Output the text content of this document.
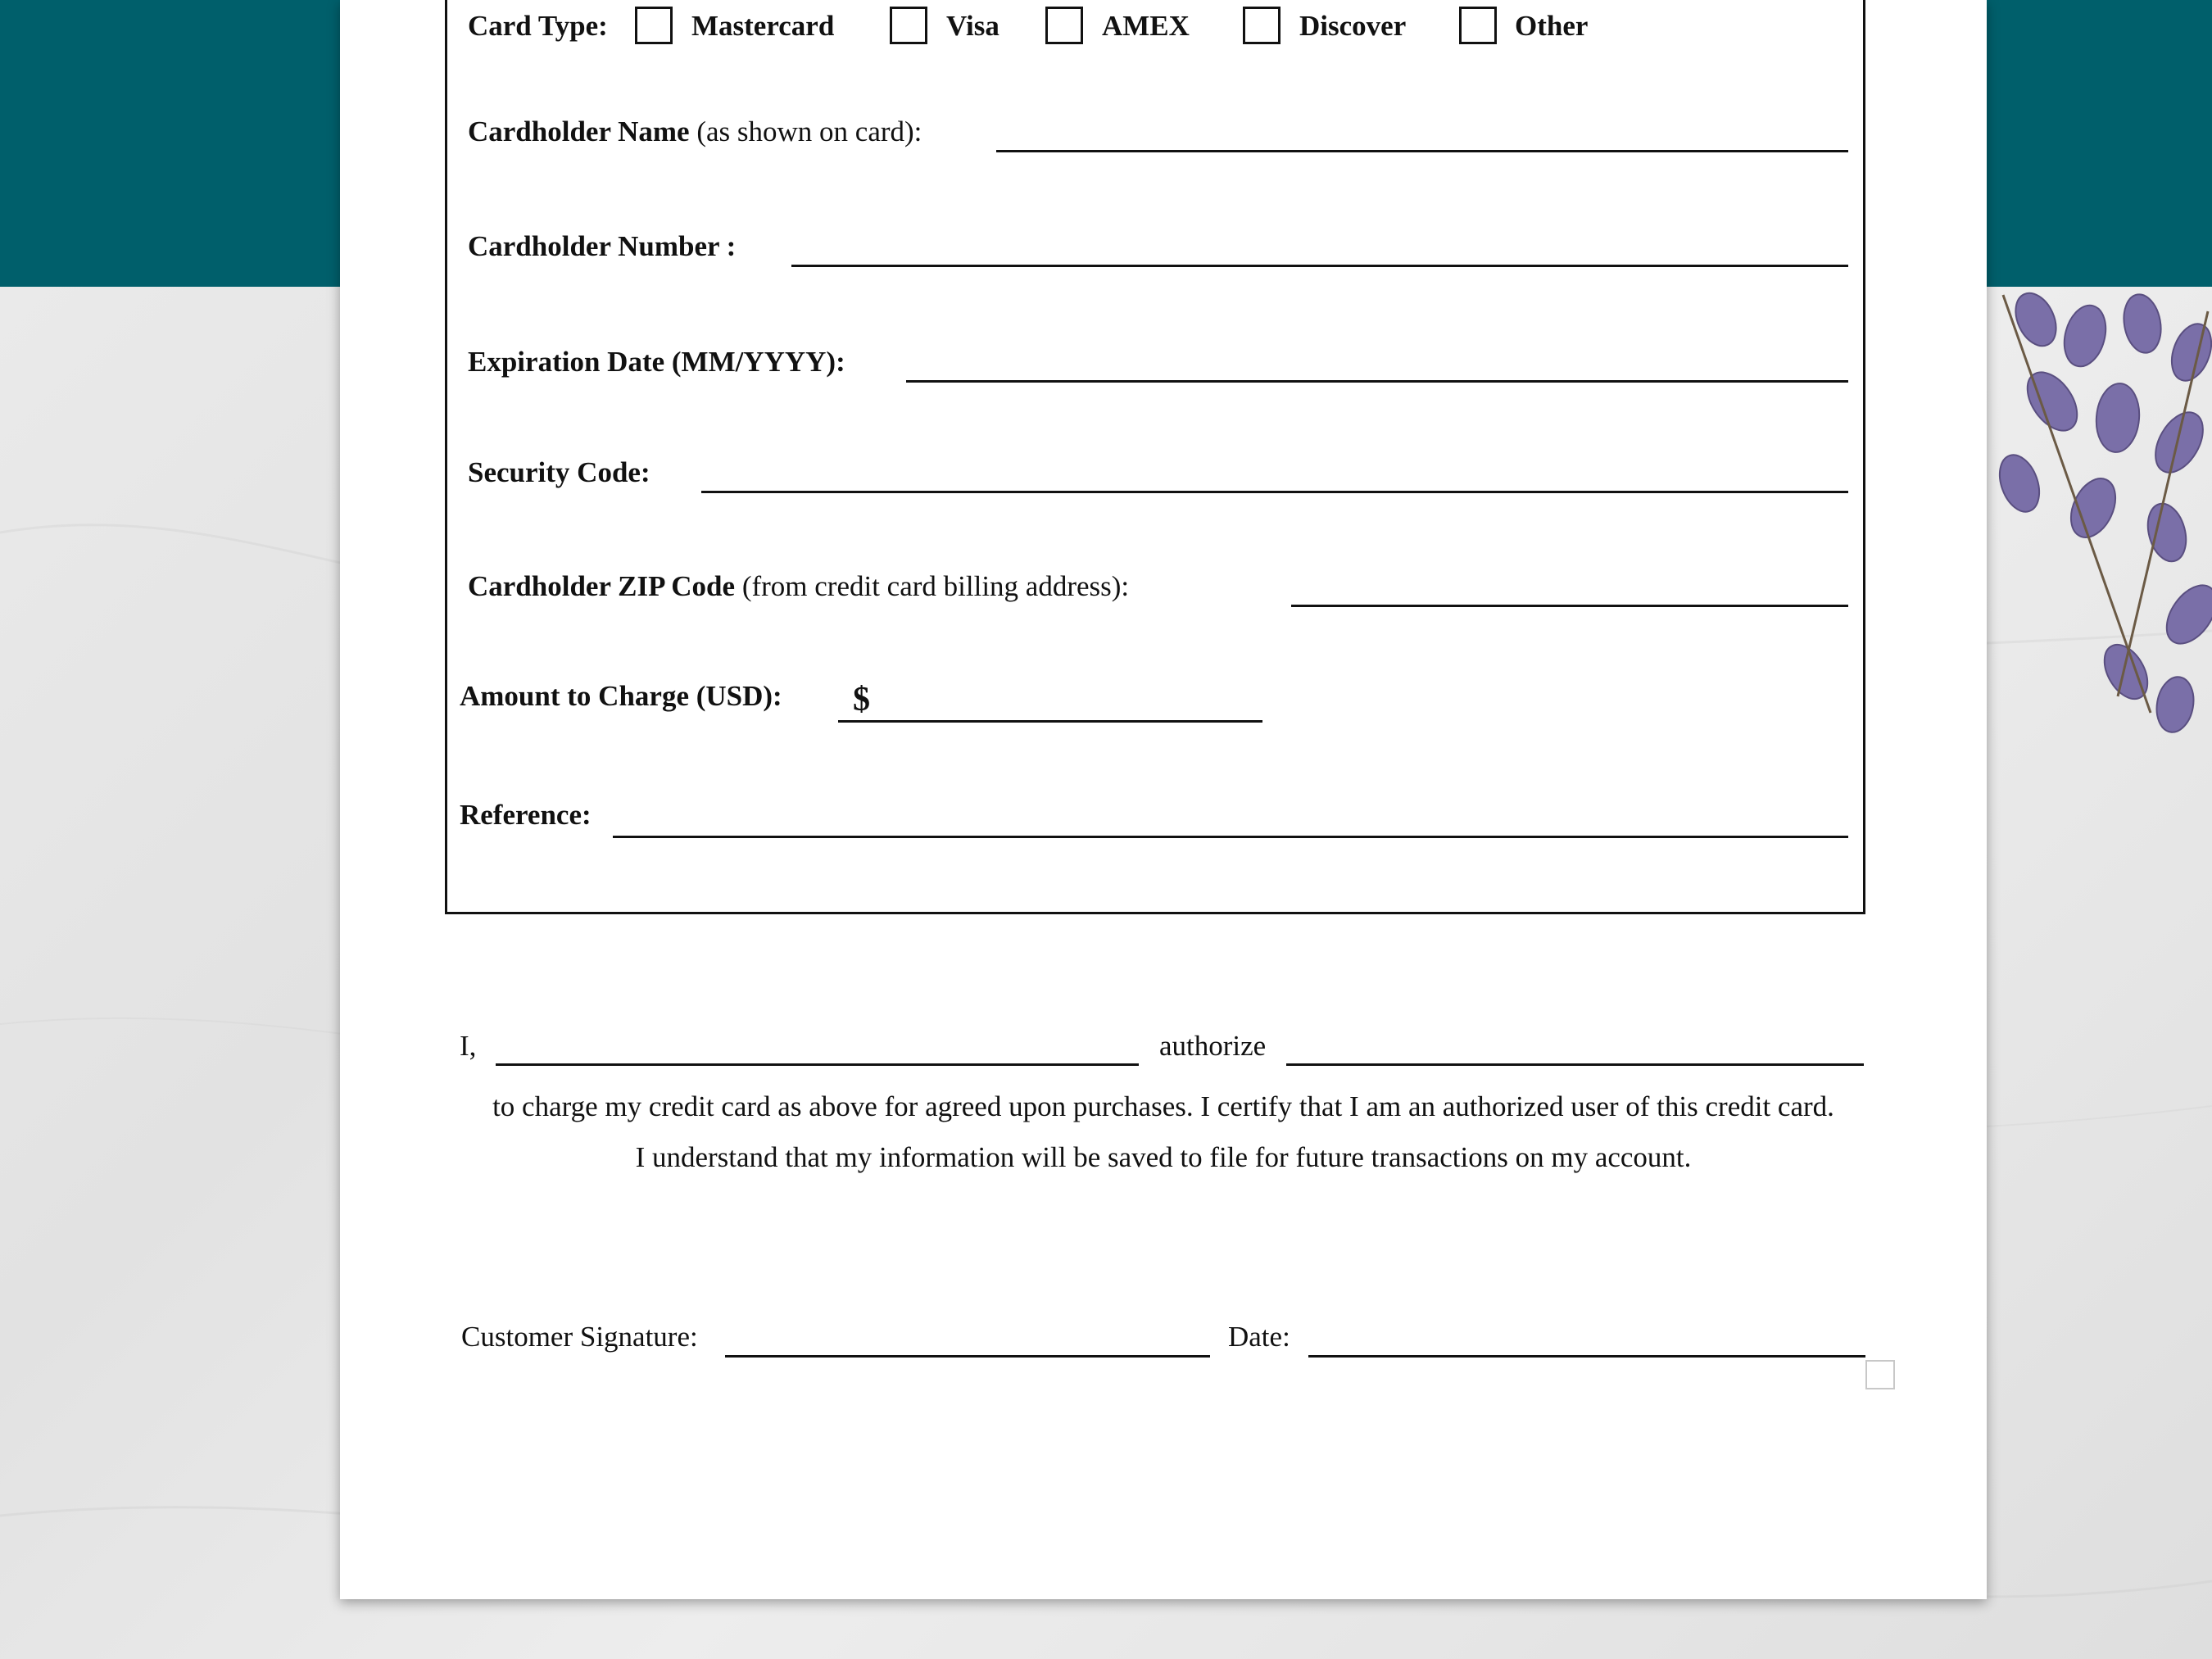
Card Type:	Mastercard	Visa	AMEX	Discover	Other
Cardholder Name (as shown on card):
Cardholder Number :
Expiration Date (MM/YYYY):
Security Code:
Cardholder ZIP Code (from credit card billing address):
Amount to Charge (USD): $
Reference:
I,	authorize
to charge my credit card as above for agreed upon purchases. I certify that I am an authorized user of this credit card.
I understand that my information will be saved to file for future transactions on my account.
Customer Signature:	Date:
